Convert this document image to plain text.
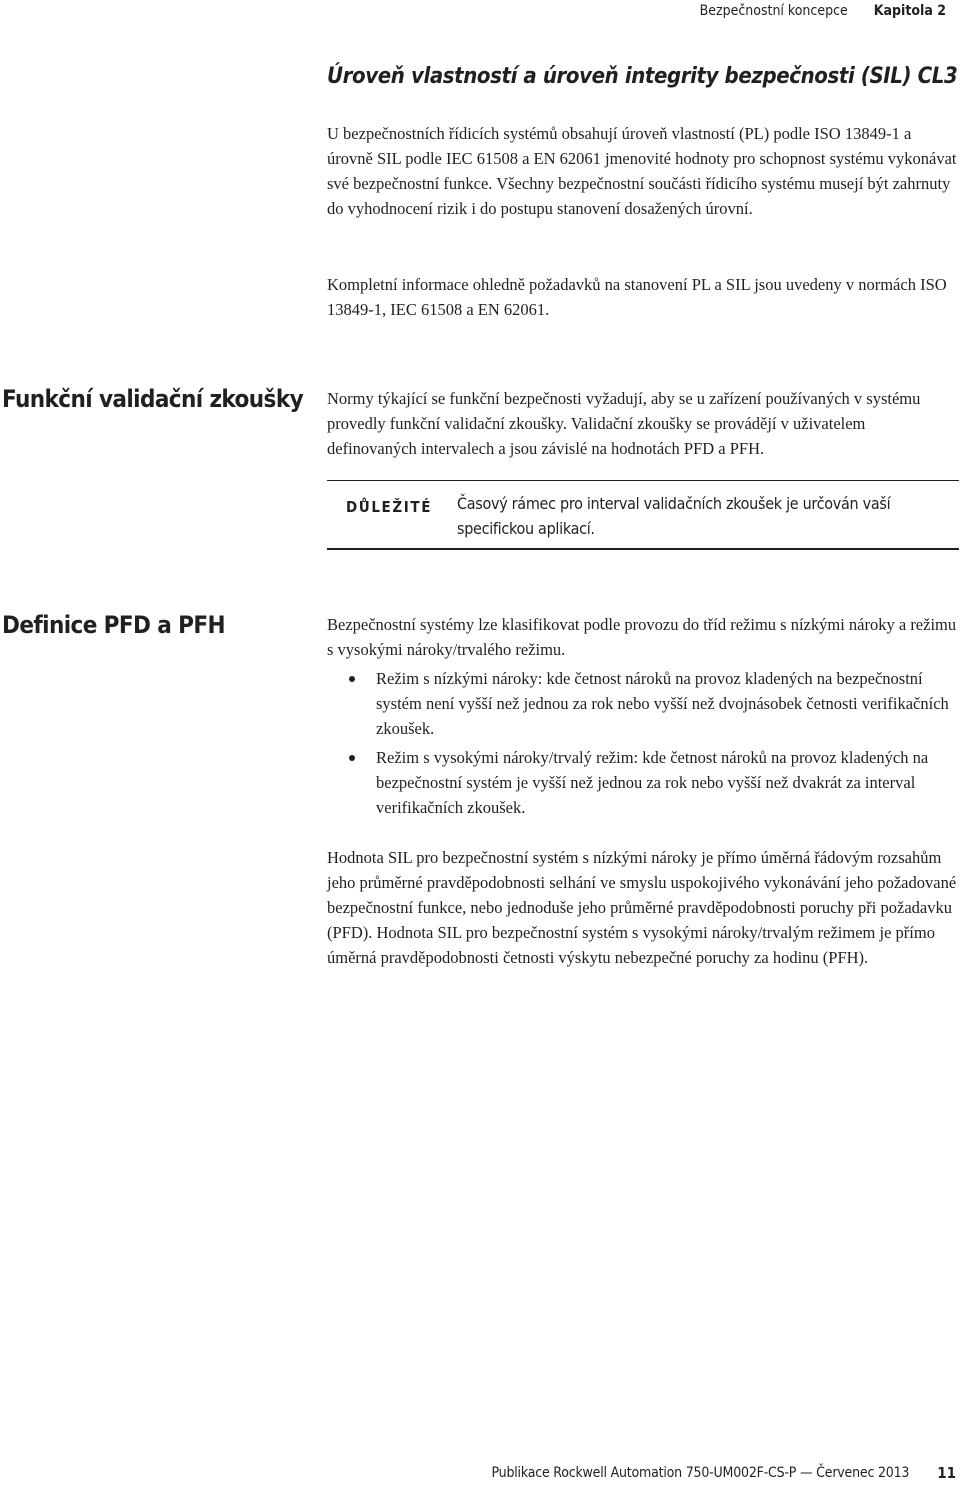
Bezpečnostní koncepce	Kapitola 2
Úroveň vlastností a úroveň integrity bezpečnosti (SIL) CL3

U bezpečnostních řídicích systémů obsahují úroveň vlastností (PL) podle ISO 13849-1 a úrovně SIL podle IEC 61508 a EN 62061 jmenovité hodnoty pro schopnost systému vykonávat své bezpečnostní funkce. Všechny bezpečnostní součásti řídicího systému musejí být zahrnuty do vyhodnocení rizik i do postupu stanovení dosažených úrovní.

Kompletní informace ohledně požadavků na stanovení PL a SIL jsou uvedeny v normách ISO 13849-1, IEC 61508 a EN 62061.

Funkční validační zkoušky Normy týkající se funkční bezpečnosti vyžadují, aby se u zařízení používaných v systému provedly funkční validační zkoušky. Validační zkoušky se provádějí v uživatelem definovaných intervalech a jsou závislé na hodnotách PFD a PFH.

DŮLEŽITÉ Časový rámec pro interval validačních zkoušek je určován vaší specifickou aplikací.
Definice PFD a PFH	Bezpečnostní systémy lze klasifikovat podle provozu do tříd režimu s nízkými nároky a režimu s vysokými nároky/trvalého režimu.

Režim s nízkými nároky: kde četnost nároků na provoz kladených na bezpečnostní systém není vyšší než jednou za rok nebo vyšší než dvojnásobek četnosti verifikačních zkoušek.
Režim s vysokými nároky/trvalý režim: kde četnost nároků na provoz kladených na bezpečnostní systém je vyšší než jednou za rok nebo vyšší než dvakrát za interval verifikačních zkoušek.

Hodnota SIL pro bezpečnostní systém s nízkými nároky je přímo úměrná řádovým rozsahům jeho průměrné pravděpodobnosti selhání ve smyslu uspokojivého vykonávání jeho požadované bezpečnostní funkce, nebo jednoduše jeho průměrné pravděpodobnosti poruchy při požadavku (PFD). Hodnota SIL pro bezpečnostní systém s vysokými nároky/trvalým režimem je přímo úměrná pravděpodobnosti četnosti výskytu nebezpečné poruchy za hodinu (PFH).

Publikace Rockwell Automation 750-UM002F-CS-P — Červenec 2013 11
